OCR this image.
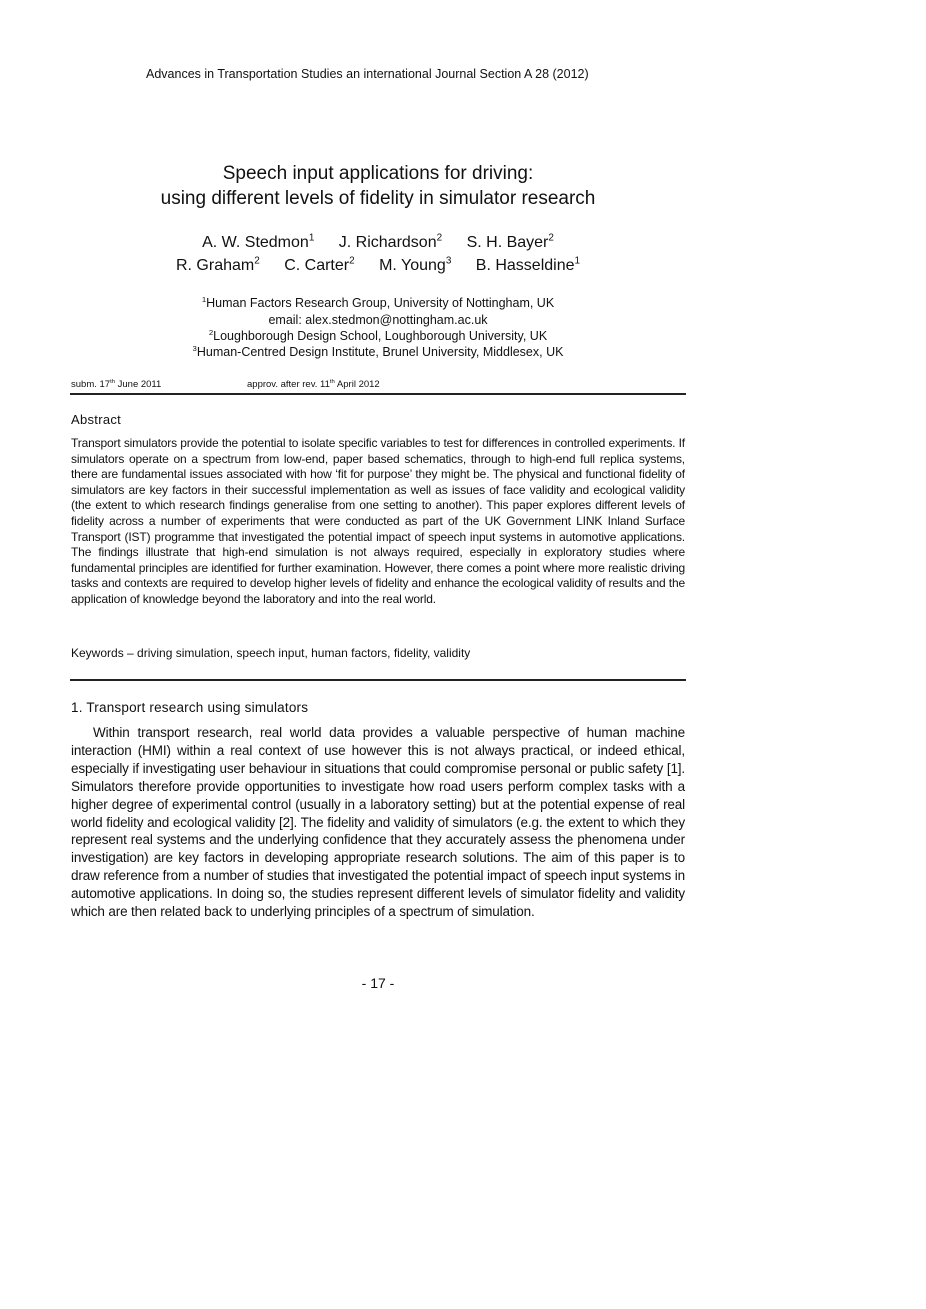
Advances in Transportation Studies an international Journal Section A 28 (2012)
Speech input applications for driving:
using different levels of fidelity in simulator research
A. W. Stedmon$^1$ J. Richardson$^2$ S. H. Bayer$^2$
R. Graham$^2$ C. Carter$^2$ M. Young$^3$ B. Hasseldine$^1$
$^1$Human Factors Research Group, University of Nottingham, UK
email: alex.stedmon@nottingham.ac.uk
$^2$Loughborough Design School, Loughborough University, UK
$^3$Human-Centred Design Institute, Brunel University, Middlesex, UK
subm. 17th June 2011	approv. after rev. 11th April 2012
Abstract
Transport simulators provide the potential to isolate specific variables to test for differences in controlled experiments. If simulators operate on a spectrum from low-end, paper based schematics, through to high-end full replica systems, there are fundamental issues associated with how ‘fit for purpose’ they might be. The physical and functional fidelity of simulators are key factors in their successful implementation as well as issues of face validity and ecological validity (the extent to which research findings generalise from one setting to another). This paper explores different levels of fidelity across a number of experiments that were conducted as part of the UK Government LINK Inland Surface Transport (IST) programme that investigated the potential impact of speech input systems in automotive applications. The findings illustrate that high-end simulation is not always required, especially in exploratory studies where fundamental principles are identified for further examination. However, there comes a point where more realistic driving tasks and contexts are required to develop higher levels of fidelity and enhance the ecological validity of results and the application of knowledge beyond the laboratory and into the real world.
Keywords – driving simulation, speech input, human factors, fidelity, validity
1. Transport research using simulators
Within transport research, real world data provides a valuable perspective of human machine interaction (HMI) within a real context of use however this is not always practical, or indeed ethical, especially if investigating user behaviour in situations that could compromise personal or public safety [1]. Simulators therefore provide opportunities to investigate how road users perform complex tasks with a higher degree of experimental control (usually in a laboratory setting) but at the potential expense of real world fidelity and ecological validity [2]. The fidelity and validity of simulators (e.g. the extent to which they represent real systems and the underlying confidence that they accurately assess the phenomena under investigation) are key factors in developing appropriate research solutions. The aim of this paper is to draw reference from a number of studies that investigated the potential impact of speech input systems in automotive applications. In doing so, the studies represent different levels of simulator fidelity and validity which are then related back to underlying principles of a spectrum of simulation.
- 17 -
